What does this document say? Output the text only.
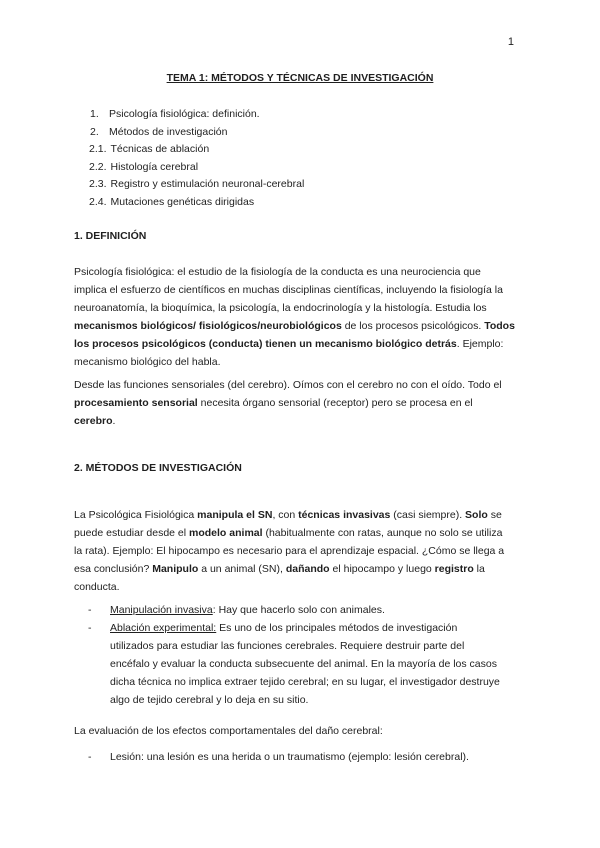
1
TEMA 1: MÉTODOS Y TÉCNICAS DE INVESTIGACIÓN
1. Psicología fisiológica: definición.
2. Métodos de investigación
2.1. Técnicas de ablación
2.2. Histología cerebral
2.3. Registro y estimulación neuronal-cerebral
2.4. Mutaciones genéticas dirigidas
1. DEFINICIÓN
Psicología fisiológica: el estudio de la fisiología de la conducta es una neurociencia que
implica el esfuerzo de científicos en muchas disciplinas científicas, incluyendo la fisiología la
neuroanatomía, la bioquímica, la psicología, la endocrinología y la histología. Estudia los
mecanismos biológicos/ fisiológicos/neurobiológicos de los procesos psicológicos. Todos
los procesos psicológicos (conducta) tienen un mecanismo biológico detrás. Ejemplo:
mecanismo biológico del habla.
Desde las funciones sensoriales (del cerebro). Oímos con el cerebro no con el oído. Todo el
procesamiento sensorial necesita órgano sensorial (receptor) pero se procesa en el
cerebro.
2. MÉTODOS DE INVESTIGACIÓN
La Psicológica Fisiológica manipula el SN, con técnicas invasivas (casi siempre). Solo se
puede estudiar desde el modelo animal (habitualmente con ratas, aunque no solo se utiliza
la rata). Ejemplo: El hipocampo es necesario para el aprendizaje espacial. ¿Cómo se llega a
esa conclusión? Manipulo a un animal (SN), dañando el hipocampo y luego registro la
conducta.
- Manipulación invasiva: Hay que hacerlo solo con animales.
- Ablación experimental: Es uno de los principales métodos de investigación
utilizados para estudiar las funciones cerebrales. Requiere destruir parte del
encéfalo y evaluar la conducta subsecuente del animal. En la mayoría de los casos
dicha técnica no implica extraer tejido cerebral; en su lugar, el investigador destruye
algo de tejido cerebral y lo deja en su sitio.
La evaluación de los efectos comportamentales del daño cerebral:
- Lesión: una lesión es una herida o un traumatismo (ejemplo: lesión cerebral).
